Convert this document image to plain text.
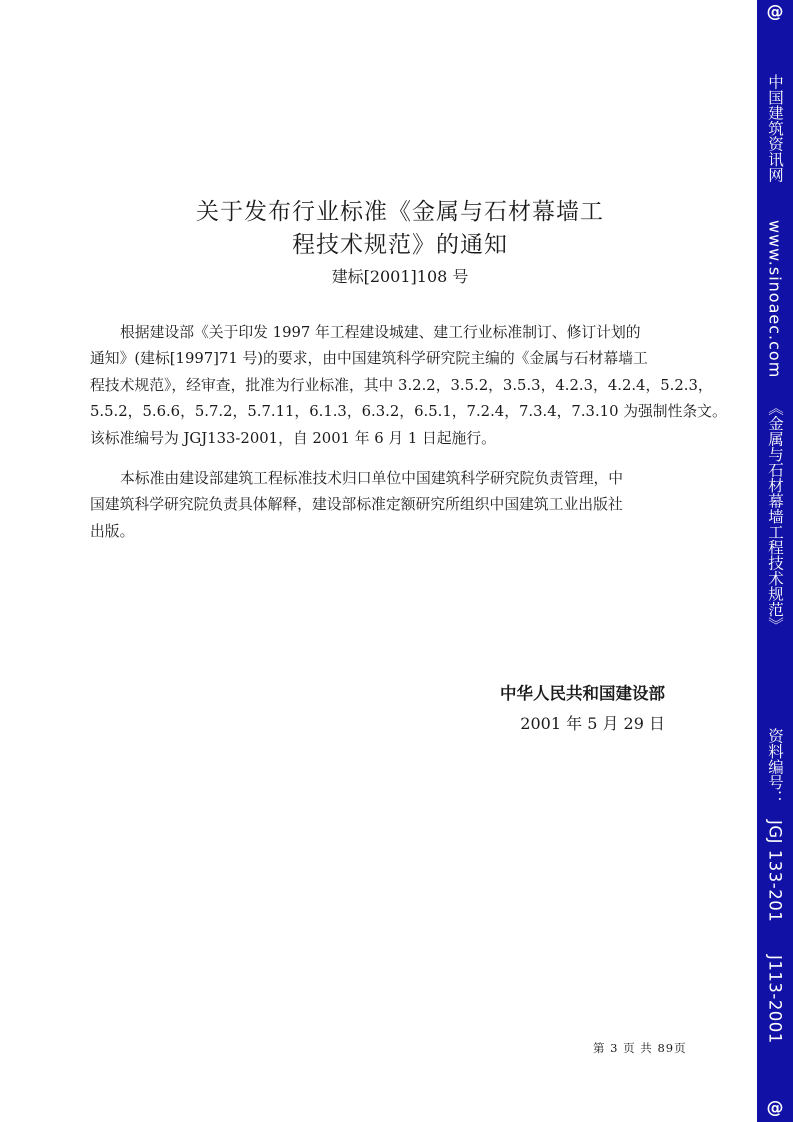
关于发布行业标准《金属与石材幕墙工
程技术规范》的通知

建标[2001]108 号

根据建设部《关于印发 1997 年工程建设城建、建工行业标准制订、修订计划的
通知》(建标[1997]71 号)的要求，由中国建筑科学研究院主编的《金属与石材幕墙工
程技术规范》，经审查，批准为行业标准，其中 3.2.2，3.5.2，3.5.3，4.2.3，4.2.4，5.2.3，
5.5.2，5.6.6，5.7.2，5.7.11，6.1.3，6.3.2，6.5.1，7.2.4，7.3.4，7.3.10 为强制性条文。
该标准编号为 JGJ133-2001，自 2001 年 6 月 1 日起施行。
本标准由建设部建筑工程标准技术归口单位中国建筑科学研究院负责管理，中
国建筑科学研究院负责具体解释，建设部标准定额研究所组织中国建筑工业出版社
出版。

中华人民共和国建设部

2001 年 5 月 29 日

第 3 页 共 89页

@
中国建筑资讯网
www.sinoaec.com
《金属与石材幕墙工程技术规范》
资料编号：
JGJ 133-201
J113-2001
@
